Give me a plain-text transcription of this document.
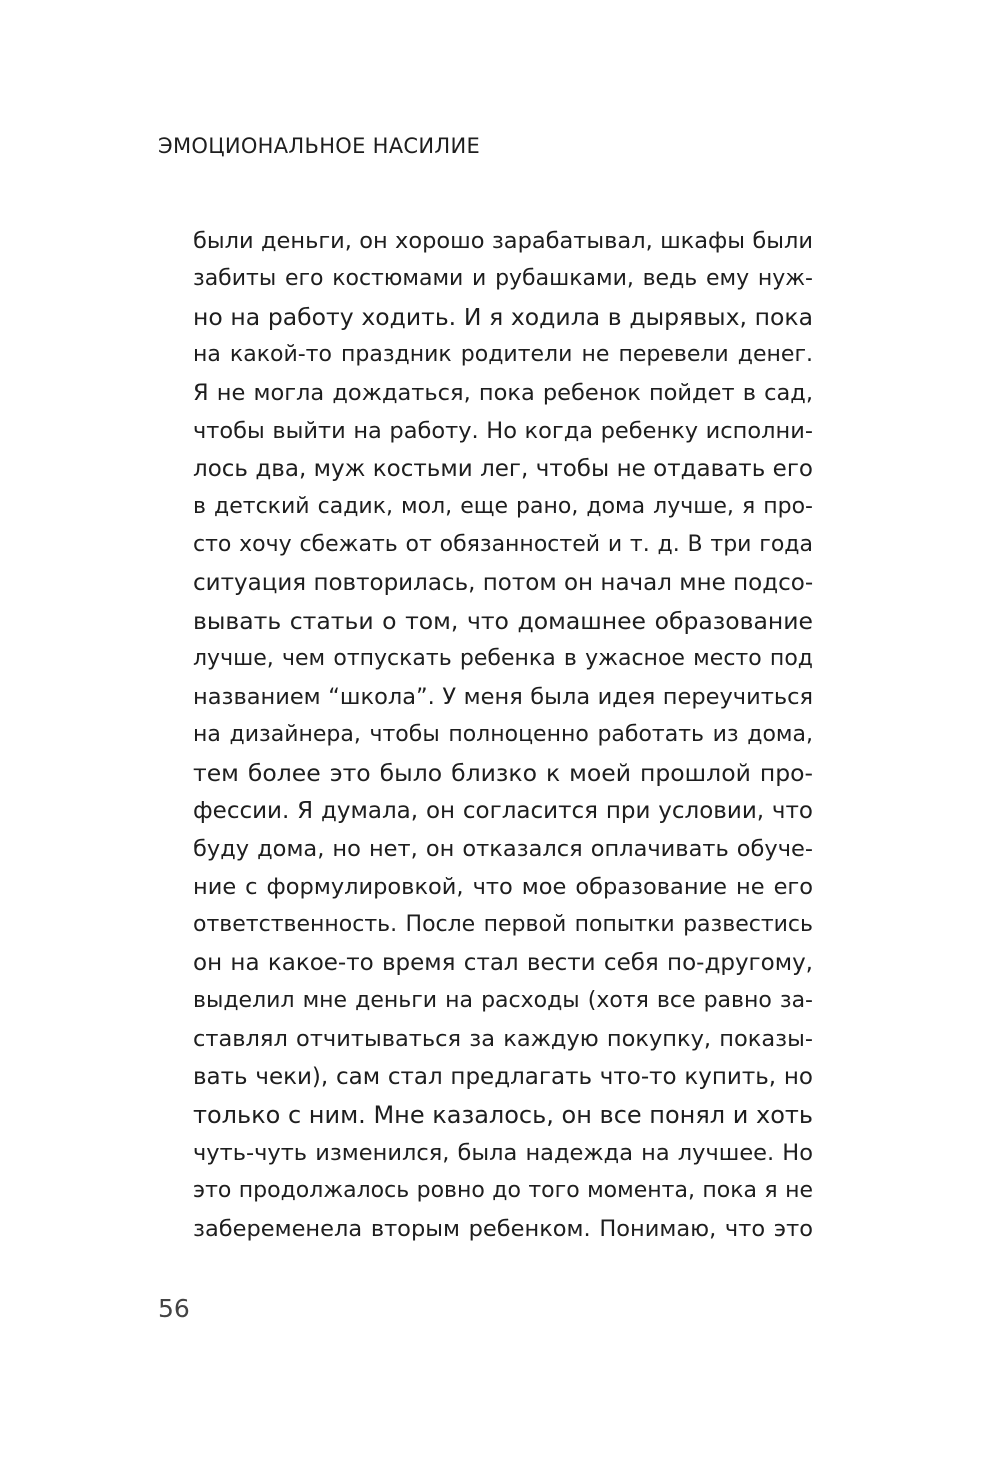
ЭМОЦИОНАЛЬНОЕ НАСИЛИЕ
были деньги, он хорошо зарабатывал, шкафы были
забиты его костюмами и рубашками, ведь ему нуж-
но на работу ходить. И я ходила в дырявых, пока
на какой-то праздник родители не перевели денег.
Я не могла дождаться, пока ребенок пойдет в сад,
чтобы выйти на работу. Но когда ребенку исполни-
лось два, муж костьми лег, чтобы не отдавать его
в детский садик, мол, еще рано, дома лучше, я про-
сто хочу сбежать от обязанностей и т. д. В три года
ситуация повторилась, потом он начал мне подсо-
вывать статьи о том, что домашнее образование
лучше, чем отпускать ребенка в ужасное место под
названием “школа”. У меня была идея переучиться
на дизайнера, чтобы полноценно работать из дома,
тем более это было близко к моей прошлой про-
фессии. Я думала, он согласится при условии, что
буду дома, но нет, он отказался оплачивать обуче-
ние с формулировкой, что мое образование не его
ответственность. После первой попытки развестись
он на какое-то время стал вести себя по-другому,
выделил мне деньги на расходы (хотя все равно за-
ставлял отчитываться за каждую покупку, показы-
вать чеки), сам стал предлагать что-то купить, но
только с ним. Мне казалось, он все понял и хоть
чуть-чуть изменился, была надежда на лучшее. Но
это продолжалось ровно до того момента, пока я не
забеременела вторым ребенком. Понимаю, что это
56
